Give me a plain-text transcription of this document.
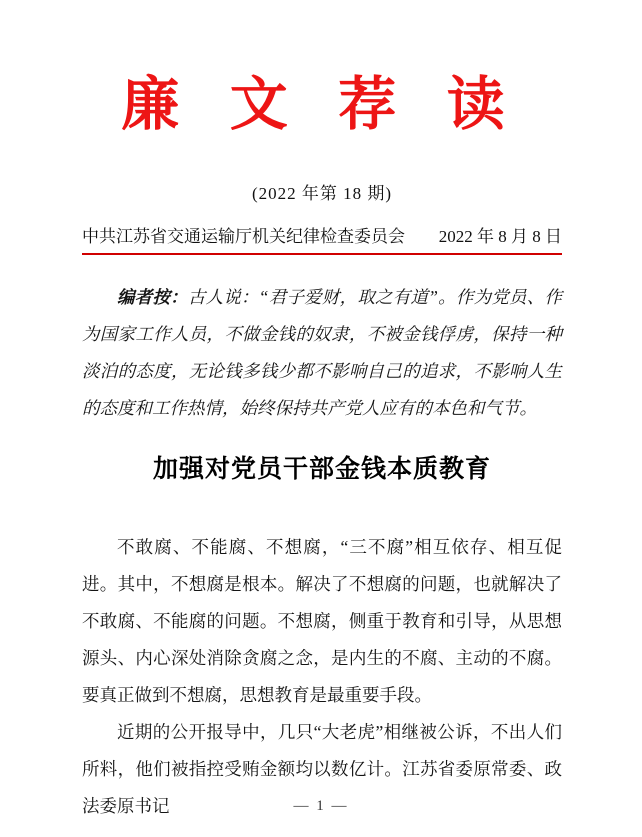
廉 文 荐 读
(2022 年第 18 期)
中共江苏省交通运输厅机关纪律检查委员会 2022 年 8 月 8 日

编者按：古人说：“君子爱财，取之有道”。作为党员、作为国家工作人员，不做金钱的奴隶，不被金钱俘虏，保持一种淡泊的态度，无论钱多钱少都不影响自己的追求，不影响人生的态度和工作热情，始终保持共产党人应有的本色和气节。

加强对党员干部金钱本质教育

不敢腐、不能腐、不想腐，“三不腐”相互依存、相互促进。其中，不想腐是根本。解决了不想腐的问题，也就解决了不敢腐、不能腐的问题。不想腐，侧重于教育和引导，从思想源头、内心深处消除贪腐之念，是内生的不腐、主动的不腐。要真正做到不想腐，思想教育是最重要手段。

近期的公开报导中，几只“大老虎”相继被公诉，不出人们所料，他们被指控受贿金额均以数亿计。江苏省委原常委、政法委原书记	— 1 —
